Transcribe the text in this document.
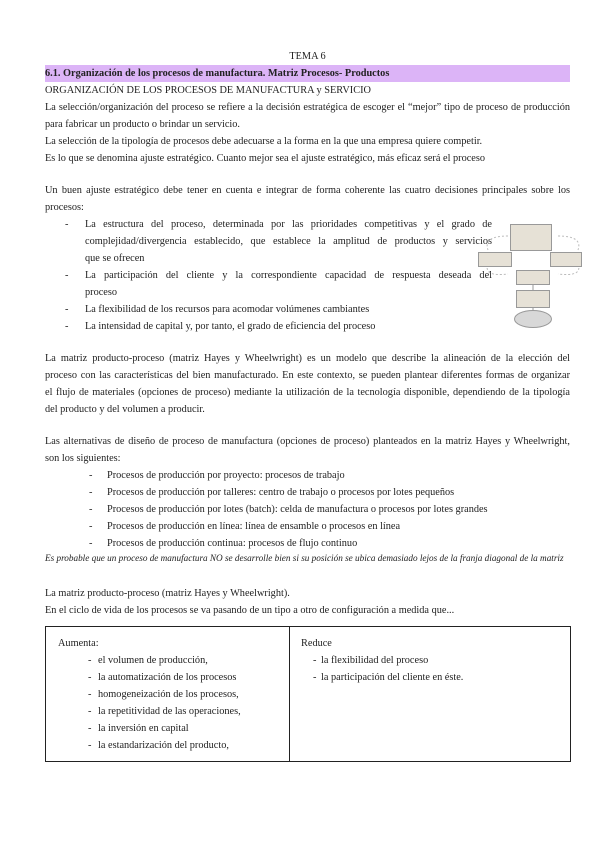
TEMA 6
6.1. Organización de los procesos de manufactura. Matriz Procesos- Productos
ORGANIZACIÓN DE LOS PROCESOS DE MANUFACTURA y SERVICIO
La selección/organización del proceso se refiere a la decisión estratégica de escoger el “mejor” tipo de proceso de producción
para fabricar un producto o brindar un servicio.
La selección de la tipología de procesos debe adecuarse a la forma en la que una empresa quiere competir.
Es lo que se denomina ajuste estratégico. Cuanto mejor sea el ajuste estratégico, más eficaz será el proceso
Un buen ajuste estratégico debe tener en cuenta e integrar de forma coherente las cuatro decisiones principales sobre los
procesos:
- La estructura del proceso, determinada por las prioridades competitivas y el grado de
complejidad/divergencia establecido, que establece la amplitud de productos y servicios
que se ofrecen
- La participación del cliente y la correspondiente capacidad de respuesta deseada del
proceso
- La flexibilidad de los recursos para acomodar volúmenes cambiantes
- La intensidad de capital y, por tanto, el grado de eficiencia del proceso
La matriz producto-proceso (matriz Hayes y Wheelwright) es un modelo que describe la alineación de la elección del
proceso con las características del bien manufacturado. En este contexto, se pueden plantear diferentes formas de organizar
el flujo de materiales (opciones de proceso) mediante la utilización de la tecnología disponible, dependiendo de la tipología
del producto y del volumen a producir.
Las alternativas de diseño de proceso de manufactura (opciones de proceso) planteados en la matriz Hayes y Wheelwright,
son los siguientes:
- Procesos de producción por proyecto: procesos de trabajo
- Procesos de producción por talleres: centro de trabajo o procesos por lotes pequeños
- Procesos de producción por lotes (batch): celda de manufactura o procesos por lotes grandes
- Procesos de producción en línea: línea de ensamble o procesos en línea
- Procesos de producción continua: procesos de flujo continuo
Es probable que un proceso de manufactura NO se desarrolle bien si su posición se ubica demasiado lejos de la franja diagonal de la matriz
La matriz producto-proceso (matriz Hayes y Wheelwright).
En el ciclo de vida de los procesos se va pasando de un tipo a otro de configuración a medida que...
Aumenta:
- el volumen de producción,
- la automatización de los procesos
- homogeneización de los procesos,
- la repetitividad de las operaciones,
- la inversión en capital
- la estandarización del producto,
Reduce
- la flexibilidad del proceso
- la participación del cliente en éste.
